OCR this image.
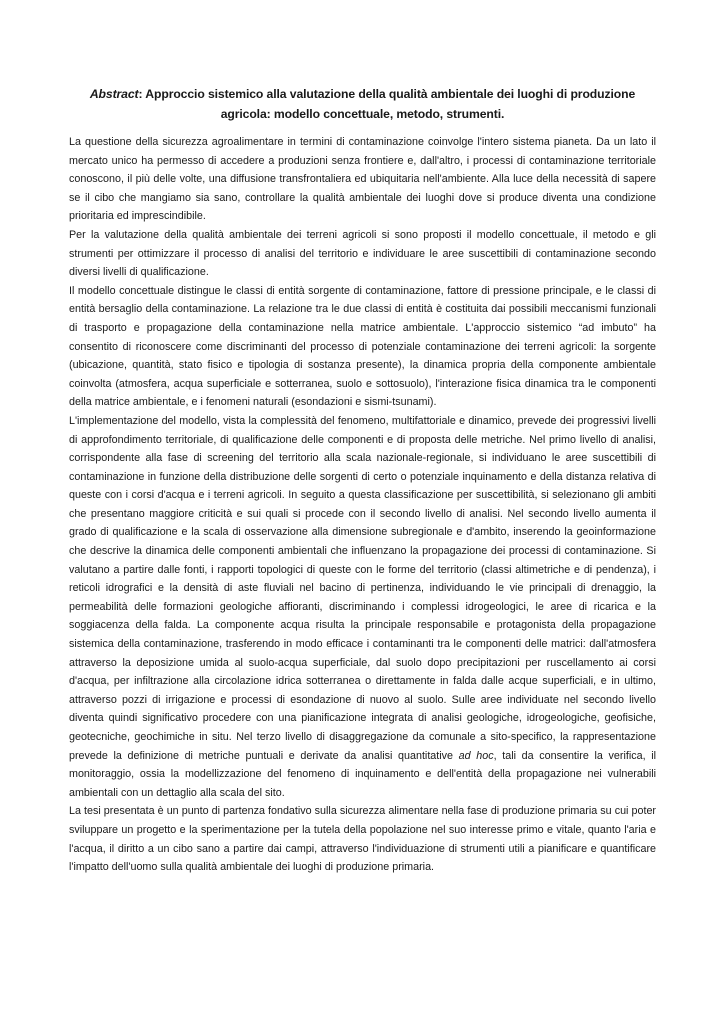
Abstract: Approccio sistemico alla valutazione della qualità ambientale dei luoghi di produzione agricola: modello concettuale, metodo, strumenti.

La questione della sicurezza agroalimentare in termini di contaminazione coinvolge l'intero sistema pianeta. Da un lato il mercato unico ha permesso di accedere a produzioni senza frontiere e, dall'altro, i processi di contaminazione territoriale conoscono, il più delle volte, una diffusione transfrontaliera ed ubiquitaria nell'ambiente. Alla luce della necessità di sapere se il cibo che mangiamo sia sano, controllare la qualità ambientale dei luoghi dove si produce diventa una condizione prioritaria ed imprescindibile.

Per la valutazione della qualità ambientale dei terreni agricoli si sono proposti il modello concettuale, il metodo e gli strumenti per ottimizzare il processo di analisi del territorio e individuare le aree suscettibili di contaminazione secondo diversi livelli di qualificazione.

Il modello concettuale distingue le classi di entità sorgente di contaminazione, fattore di pressione principale, e le classi di entità bersaglio della contaminazione. La relazione tra le due classi di entità è costituita dai possibili meccanismi funzionali di trasporto e propagazione della contaminazione nella matrice ambientale. L'approccio sistemico “ad imbuto” ha consentito di riconoscere come discriminanti del processo di potenziale contaminazione dei terreni agricoli: la sorgente (ubicazione, quantità, stato fisico e tipologia di sostanza presente), la dinamica propria della componente ambientale coinvolta (atmosfera, acqua superficiale e sotterranea, suolo e sottosuolo), l'interazione fisica dinamica tra le componenti della matrice ambientale, e i fenomeni naturali (esondazioni e sismi-tsunami).

L'implementazione del modello, vista la complessità del fenomeno, multifattoriale e dinamico, prevede dei progressivi livelli di approfondimento territoriale, di qualificazione delle componenti e di proposta delle metriche. Nel primo livello di analisi, corrispondente alla fase di screening del territorio alla scala nazionale-regionale, si individuano le aree suscettibili di contaminazione in funzione della distribuzione delle sorgenti di certo o potenziale inquinamento e della distanza relativa di queste con i corsi d'acqua e i terreni agricoli. In seguito a questa classificazione per suscettibilità, si selezionano gli ambiti che presentano maggiore criticità e sui quali si procede con il secondo livello di analisi. Nel secondo livello aumenta il grado di qualificazione e la scala di osservazione alla dimensione subregionale e d'ambito, inserendo la geoinformazione che descrive la dinamica delle componenti ambientali che influenzano la propagazione dei processi di contaminazione. Si valutano a partire dalle fonti, i rapporti topologici di queste con le forme del territorio (classi altimetriche e di pendenza), i reticoli idrografici e la densità di aste fluviali nel bacino di pertinenza, individuando le vie principali di drenaggio, la permeabilità delle formazioni geologiche affioranti, discriminando i complessi idrogeologici, le aree di ricarica e la soggiacenza della falda. La componente acqua risulta la principale responsabile e protagonista della propagazione sistemica della contaminazione, trasferendo in modo efficace i contaminanti tra le componenti delle matrici: dall'atmosfera attraverso la deposizione umida al suolo-acqua superficiale, dal suolo dopo precipitazioni per ruscellamento ai corsi d'acqua, per infiltrazione alla circolazione idrica sotterranea o direttamente in falda dalle acque superficiali, e in ultimo, attraverso pozzi di irrigazione e processi di esondazione di nuovo al suolo. Sulle aree individuate nel secondo livello diventa quindi significativo procedere con una pianificazione integrata di analisi geologiche, idrogeologiche, geofisiche, geotecniche, geochimiche in situ. Nel terzo livello di disaggregazione da comunale a sito-specifico, la rappresentazione prevede la definizione di metriche puntuali e derivate da analisi quantitative ad hoc, tali da consentire la verifica, il monitoraggio, ossia la modellizzazione del fenomeno di inquinamento e dell'entità della propagazione nei vulnerabili ambientali con un dettaglio alla scala del sito.

La tesi presentata è un punto di partenza fondativo sulla sicurezza alimentare nella fase di produzione primaria su cui poter sviluppare un progetto e la sperimentazione per la tutela della popolazione nel suo interesse primo e vitale, quanto l'aria e l'acqua, il diritto a un cibo sano a partire dai campi, attraverso l'individuazione di strumenti utili a pianificare e quantificare l'impatto dell'uomo sulla qualità ambientale dei luoghi di produzione primaria.
